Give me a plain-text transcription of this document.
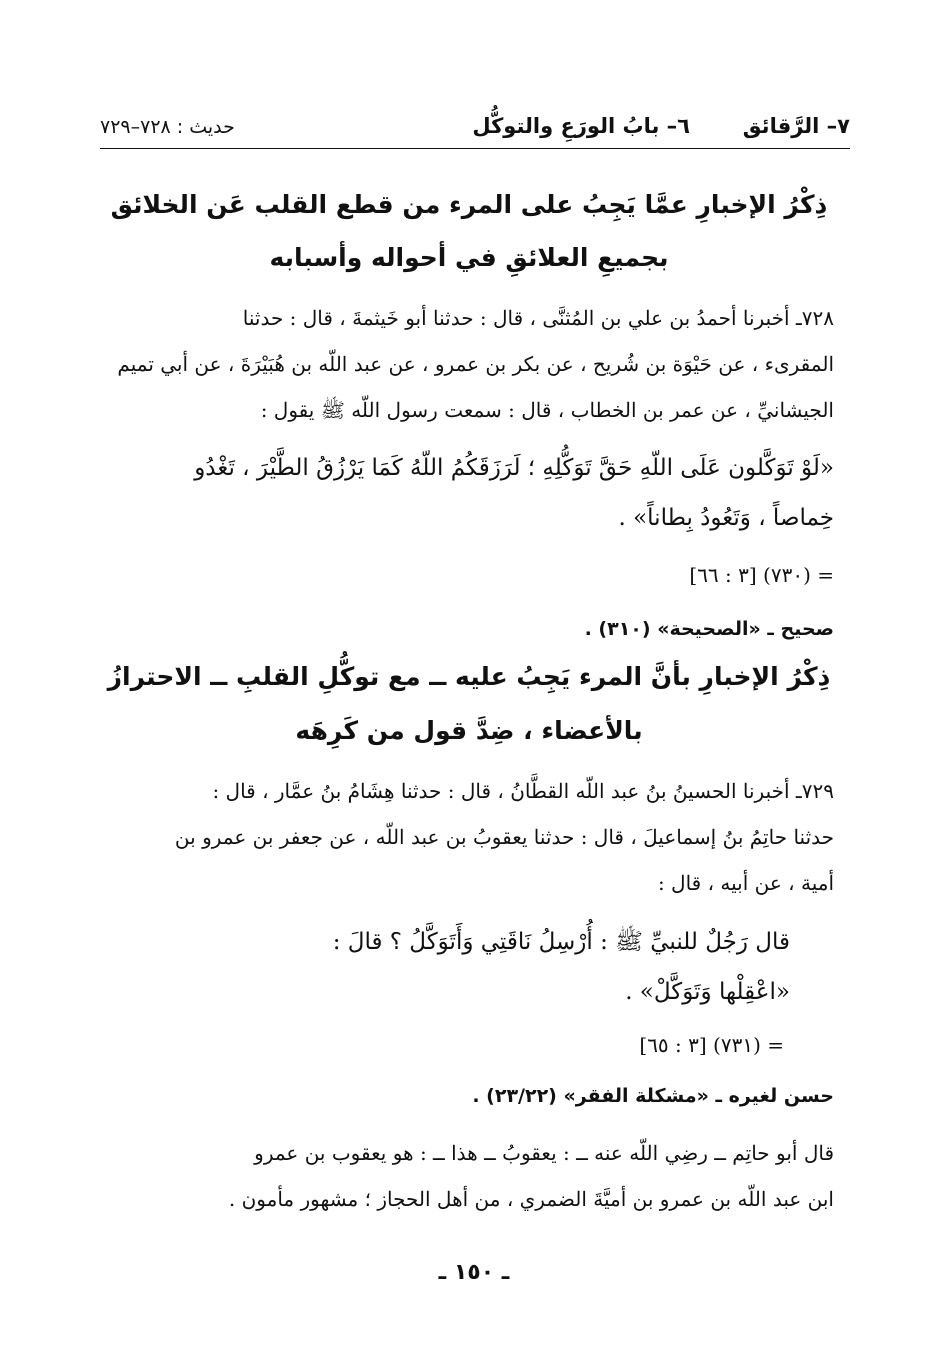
٧– الرَّقائق
٦– بابُ الورَعِ والتوكُّل
حديث : ٧٢٨–٧٢٩
ذِكْرُ الإخبارِ عمَّا يَجِبُ على المرء من قطع القلب عَن الخلائق
بجميعِ العلائقِ في أحواله وأسبابه
٧٢٨ـ أخبرنا أحمدُ بن علي بن المُثنَّى ، قال : حدثنا أبو خَيثمةَ ، قال : حدثنا
المقرىء ، عن حَيْوَة بن شُريح ، عن بكر بن عمرو ، عن عبد اللّه بن هُبَيْرَةَ ، عن أبي تميم
الجيشانيِّ ، عن عمر بن الخطاب ، قال : سمعت رسول اللّه ﷺ يقول :
«لَوْ تَوَكَّلون عَلَى اللّهِ حَقَّ تَوَكُّلِهِ ؛ لَرَزَقَكُمُ اللّهُ كَمَا يَرْزُقُ الطَّيْرَ ، تَغْدُو
خِماصاً ، وَتَعُودُ بِطاناً» .
= (٧٣٠) [٣ : ٦٦]
صحيح ـ «الصحيحة» (٣١٠) .
ذِكْرُ الإخبارِ بأنَّ المرء يَجِبُ عليه ــ مع توكُّلِ القلبِ ــ الاحترازُ
بالأعضاء ، ضِدَّ قول من كَرِهَه
٧٢٩ـ أخبرنا الحسينُ بنُ عبد اللّه القطَّانُ ، قال : حدثنا هِشَامُ بنُ عمَّار ، قال :
حدثنا حاتِمُ بنُ إسماعيلَ ، قال : حدثنا يعقوبُ بن عبد اللّه ، عن جعفر بن عمرو بن
أمية ، عن أبيه ، قال :
قال رَجُلٌ للنبيِّ ﷺ : أُرْسِلُ نَاقَتِي وَأَتَوَكَّلُ ؟ قالَ :
«اعْقِلْها وَتَوَكَّلْ» .
= (٧٣١) [٣ : ٦٥]
حسن لغيره ـ «مشكلة الفقر» (٢٣/٢٢) .
قال أبو حاتِم ــ رضِي اللّه عنه ــ : يعقوبُ ــ هذا ــ : هو يعقوب بن عمرو
ابن عبد اللّه بن عمرو بن أميَّةَ الضمري ، من أهل الحجاز ؛ مشهور مأمون .
ـ ١٥٠ ـ
